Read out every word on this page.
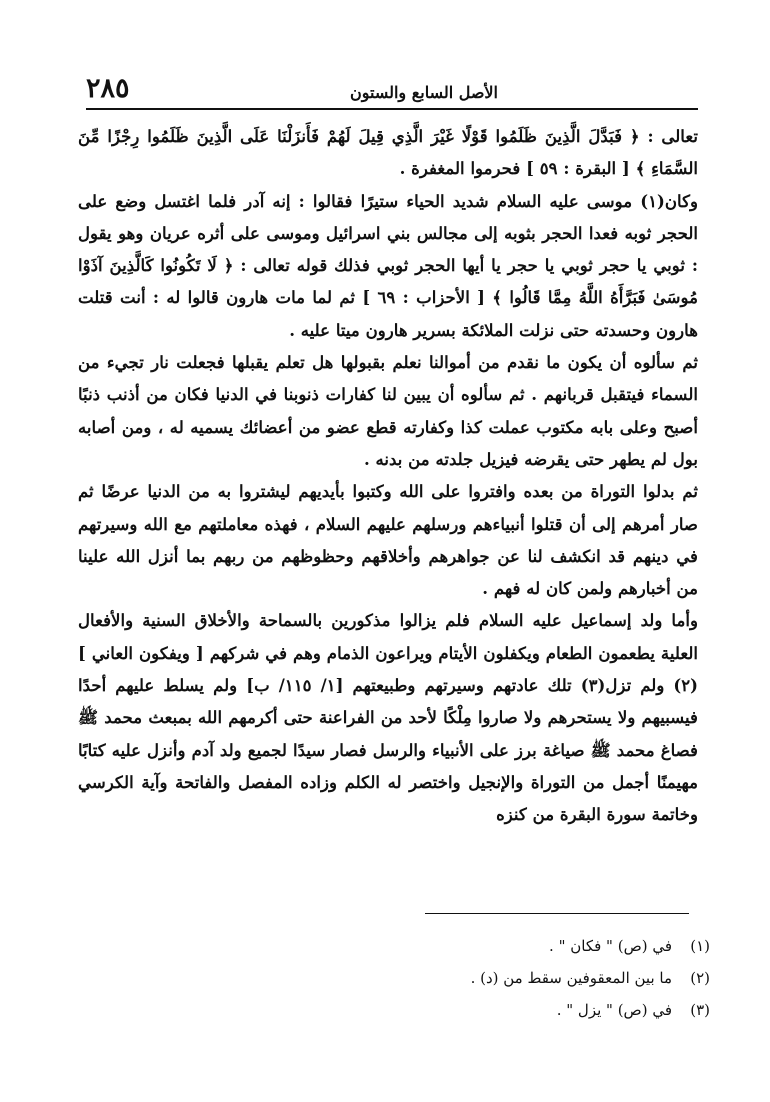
٢٨٥	الأصل السابع والستون

تعالى : ﴿ فَبَدَّلَ الَّذِينَ ظَلَمُوا قَوْلًا غَيْرَ الَّذِي قِيلَ لَهُمْ فَأَنزَلْنَا عَلَى الَّذِينَ ظَلَمُوا رِجْزًا مِّنَ السَّمَاءِ ﴾ [ البقرة : ٥٩ ] فحرموا المغفرة .

وكان(١) موسى عليه السلام شديد الحياء ستيرًا فقالوا : إنه آدر فلما اغتسل وضع على الحجر ثوبه فعدا الحجر بثوبه إلى مجالس بني اسرائيل وموسى على أثره عريان وهو يقول : ثوبي يا حجر ثوبي يا حجر يا أيها الحجر ثوبي فذلك قوله تعالى : ﴿ لَا تَكُونُوا كَالَّذِينَ آذَوْا مُوسَىٰ فَبَرَّأَهُ اللَّهُ مِمَّا قَالُوا ﴾ [ الأحزاب : ٦٩ ] ثم لما مات هارون قالوا له : أنت قتلت هارون وحسدته حتى نزلت الملائكة بسرير هارون ميتا عليه .

ثم سألوه أن يكون ما نقدم من أموالنا نعلم بقبولها هل تعلم يقبلها فجعلت نار تجيء من السماء فيتقبل قربانهم . ثم سألوه أن يبين لنا كفارات ذنوبنا في الدنيا فكان من أذنب ذنبًا أصبح وعلى بابه مكتوب عملت كذا وكفارته قطع عضو من أعضائك يسميه له ، ومن أصابه بول لم يطهر حتى يقرضه فيزيل جلدته من بدنه .

ثم بدلوا التوراة من بعده وافتروا على الله وكتبوا بأيديهم ليشتروا به من الدنيا عرضًا ثم صار أمرهم إلى أن قتلوا أنبياءهم ورسلهم عليهم السلام ، فهذه معاملتهم مع الله وسيرتهم في دينهم قد انكشف لنا عن جواهرهم وأخلاقهم وحظوظهم من ربهم بما أنزل الله علينا من أخبارهم ولمن كان له فهم .

وأما ولد إسماعيل عليه السلام فلم يزالوا مذكورين بالسماحة والأخلاق السنية والأفعال العلية يطعمون الطعام ويكفلون الأيتام ويراعون الذمام وهم في شركهم [ ويفكون العاني ](٢) ولم تزل(٣) تلك عادتهم وسيرتهم وطبيعتهم [١/ ١١٥/ ب] ولم يسلط عليهم أحدًا فيسبيهم ولا يستحرهم ولا صاروا مِلْكًا لأحد من الفراعنة حتى أكرمهم الله بمبعث محمد ﷺ فصاغ محمد ﷺ صياغة برز على الأنبياء والرسل فصار سيدًا لجميع ولد آدم وأنزل عليه كتابًا مهيمنًا أجمل من التوراة والإنجيل واختصر له الكلم وزاده المفصل والفاتحة وآية الكرسي وخاتمة سورة البقرة من كنزه

(١)
في (ص) " فكان " .
(٢)
ما بين المعقوفين سقط من (د) .
(٣)
في (ص) " يزل " .
